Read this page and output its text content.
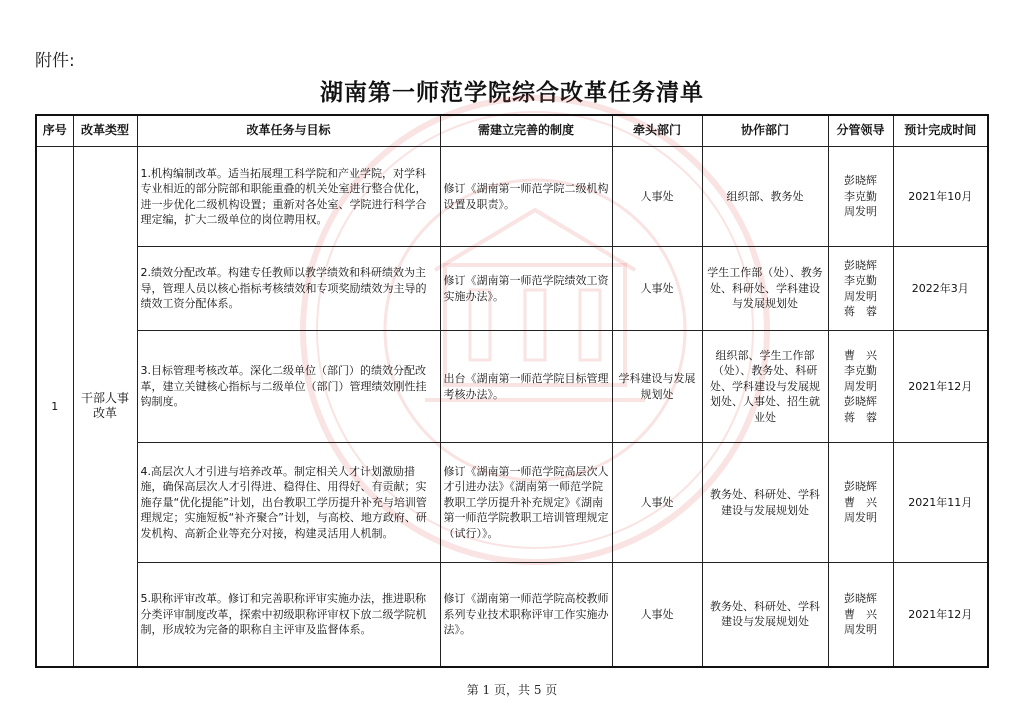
附件:
湖南第一师范学院综合改革任务清单
序号	改革类型	改革任务与目标	需建立完善的制度	牵头部门	协作部门	分管领导	预计完成时间
1	干部人事
改革	1.机构编制改革。适当拓展理工科学院和产业学院，对学科专业相近的部分院部和职能重叠的机关处室进行整合优化，进一步优化二级机构设置；重新对各处室、学院进行科学合理定编，扩大二级单位的岗位聘用权。	修订《湖南第一师范学院二级机构设置及职责》。	人事处	组织部、教务处	彭晓辉
李克勤
周发明	2021年10月
		2.绩效分配改革。构建专任教师以教学绩效和科研绩效为主导，管理人员以核心指标考核绩效和专项奖励绩效为主导的绩效工资分配体系。	修订《湖南第一师范学院绩效工资实施办法》。	人事处	学生工作部（处）、教务处、科研处、学科建设与发展规划处	彭晓辉
李克勤
周发明
蒋　蓉	2022年3月
		3.目标管理考核改革。深化二级单位（部门）的绩效分配改革，建立关键核心指标与二级单位（部门）管理绩效刚性挂钩制度。	出台《湖南第一师范学院目标管理考核办法》。	学科建设与发展规划处	组织部、学生工作部（处）、教务处、科研处、学科建设与发展规划处、人事处、招生就业处	曹　兴
李克勤
周发明
彭晓辉
蒋　蓉	2021年12月
		4.高层次人才引进与培养改革。制定相关人才计划激励措施，确保高层次人才引得进、稳得住、用得好、有贡献；实施存量“优化提能”计划，出台教职工学历提升补充与培训管理规定；实施短板“补齐聚合”计划，与高校、地方政府、研发机构、高新企业等充分对接，构建灵活用人机制。	修订《湖南第一师范学院高层次人才引进办法》《湖南第一师范学院教职工学历提升补充规定》《湖南第一师范学院教职工培训管理规定（试行）》。	人事处	教务处、科研处、学科建设与发展规划处	彭晓辉
曹　兴
周发明	2021年11月
		5.职称评审改革。修订和完善职称评审实施办法，推进职称分类评审制度改革，探索中初级职称评审权下放二级学院机制，形成较为完备的职称自主评审及监督体系。	修订《湖南第一师范学院高校教师系列专业技术职称评审工作实施办法》。	人事处	教务处、科研处、学科建设与发展规划处	彭晓辉
曹　兴
周发明	2021年12月
第 1 页，共 5 页
